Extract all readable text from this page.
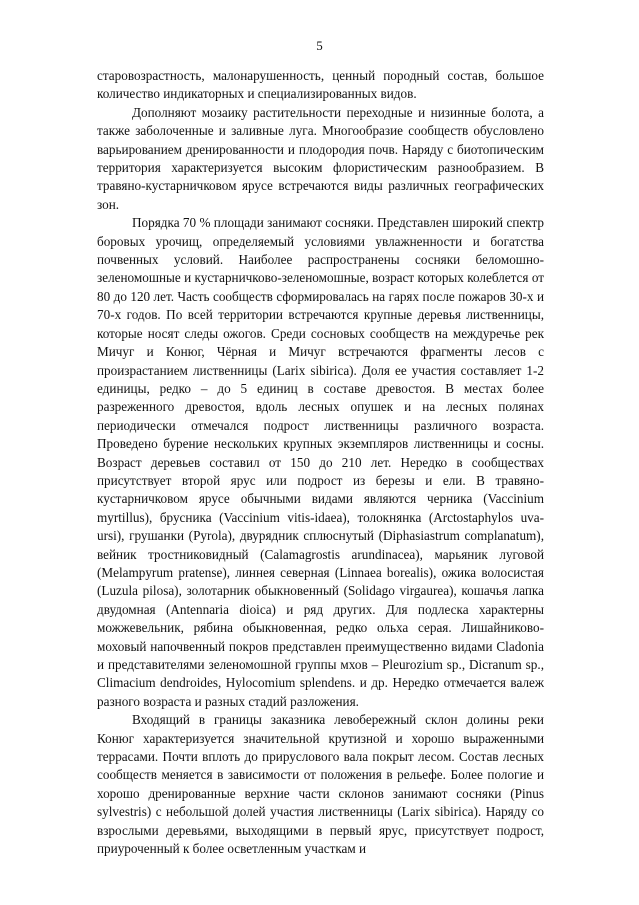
5

старовозрастность, малонарушенность, ценный породный состав, большое количество индикаторных и специализированных видов.

Дополняют мозаику растительности переходные и низинные болота, а также заболоченные и заливные луга. Многообразие сообществ обусловлено варьированием дренированности и плодородия почв. Наряду с биотопическим территория характеризуется высоким флористическим разнообразием. В травяно-кустарничковом ярусе встречаются виды различных географических зон.

Порядка 70 % площади занимают сосняки. Представлен широкий спектр боровых урочищ, определяемый условиями увлажненности и богатства почвенных условий. Наиболее распространены сосняки беломошно-зеленомошные и кустарничково-зеленомошные, возраст которых колеблется от 80 до 120 лет. Часть сообществ сформировалась на гарях после пожаров 30-х и 70-х годов. По всей территории встречаются крупные деревья лиственницы, которые носят следы ожогов. Среди сосновых сообществ на междуречье рек Мичуг и Конюг, Чёрная и Мичуг встречаются фрагменты лесов с произрастанием лиственницы (Larix sibirica). Доля ее участия составляет 1-2 единицы, редко – до 5 единиц в составе древостоя. В местах более разреженного древостоя, вдоль лесных опушек и на лесных полянах периодически отмечался подрост лиственницы различного возраста. Проведено бурение нескольких крупных экземпляров лиственницы и сосны. Возраст деревьев составил от 150 до 210 лет. Нередко в сообществах присутствует второй ярус или подрост из березы и ели. В травяно-кустарничковом ярусе обычными видами являются черника (Vaccinium myrtillus), брусника (Vaccinium vitis-idaea), толокнянка (Arctostaphylos uva-ursi), грушанки (Pyrola), двурядник сплюснутый (Diphasiastrum complanatum), вейник тростниковидный (Calamagrostis arundinacea), марьяник луговой (Melampyrum pratense), линнея северная (Linnaea borealis), ожика волосистая (Luzula pilosa), золотарник обыкновенный (Solidago virgaurea), кошачья лапка двудомная (Antennaria dioica) и ряд других. Для подлеска характерны можжевельник, рябина обыкновенная, редко ольха серая. Лишайниково-моховый напочвенный покров представлен преимущественно видами Cladonia и представителями зеленомошной группы мхов – Pleurozium sp., Dicranum sp., Climacium dendroides, Hylocomium splendens. и др. Нередко отмечается валеж разного возраста и разных стадий разложения.

Входящий в границы заказника левобережный склон долины реки Конюг характеризуется значительной крутизной и хорошо выраженными террасами. Почти вплоть до прируслового вала покрыт лесом. Состав лесных сообществ меняется в зависимости от положения в рельефе. Более пологие и хорошо дренированные верхние части склонов занимают сосняки (Pinus sylvestris) с небольшой долей участия лиственницы (Larix sibirica). Наряду со взрослыми деревьями, выходящими в первый ярус, присутствует подрост, приуроченный к более осветленным участкам и
